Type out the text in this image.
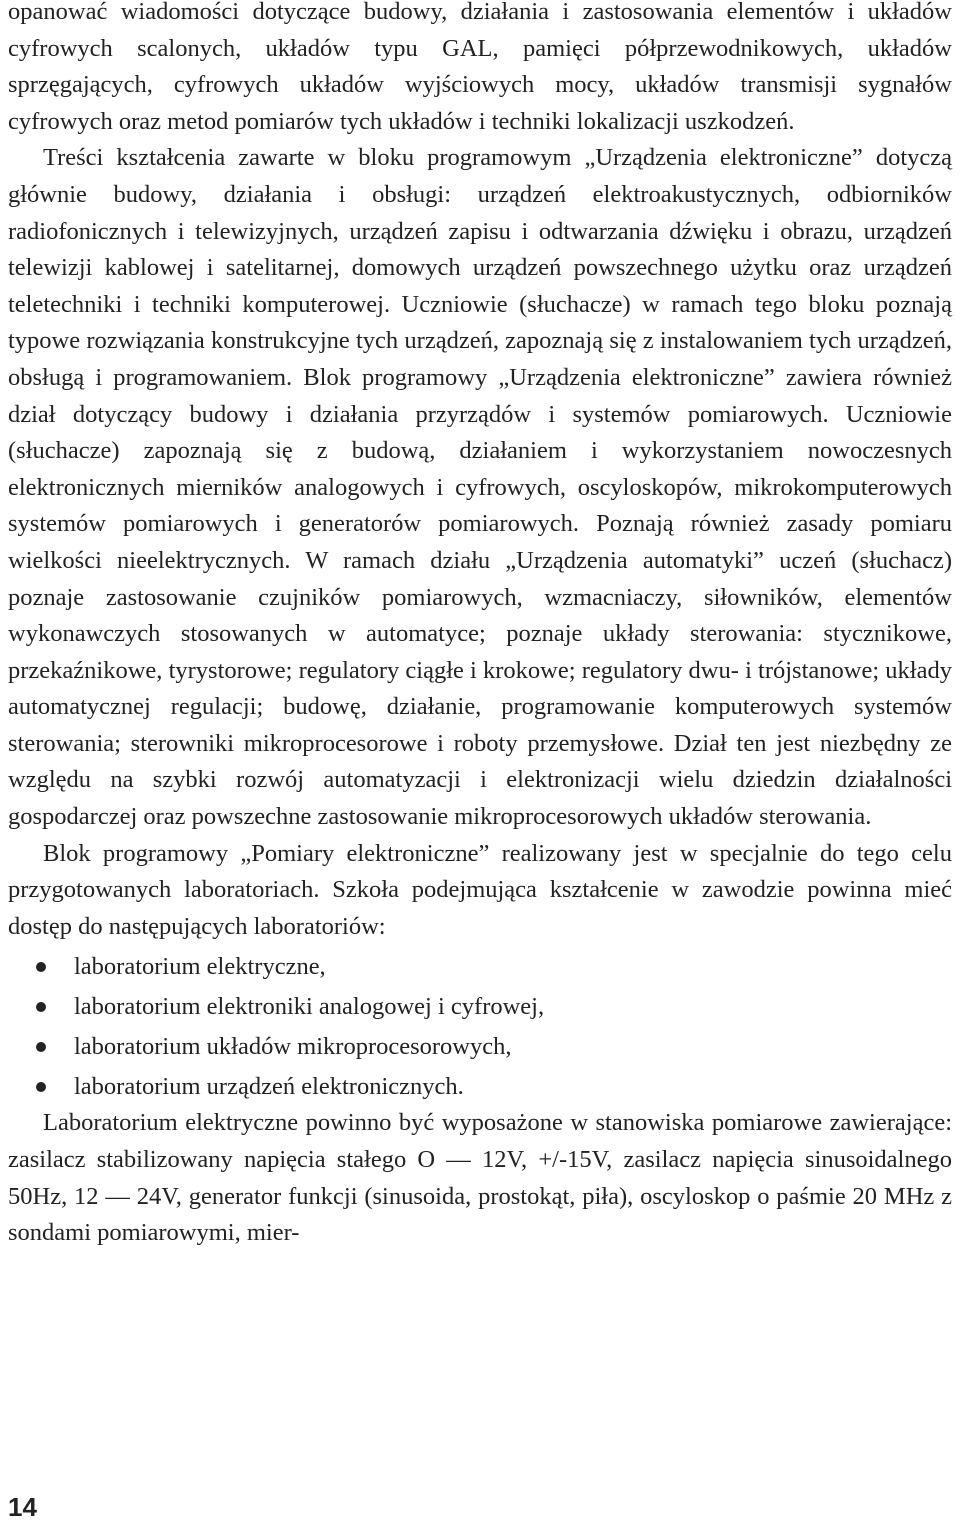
opanować wiadomości dotyczące budowy, działania i zastosowania elementów i układów cyfrowych scalonych, układów typu GAL, pamięci półprzewodnikowych, układów sprzęgających, cyfrowych układów wyjściowych mocy, układów transmisji sygnałów cyfrowych oraz metod pomiarów tych układów i techniki lokalizacji uszkodzeń.

Treści kształcenia zawarte w bloku programowym „Urządzenia elektroniczne” dotyczą głównie budowy, działania i obsługi: urządzeń elektroakustycznych, odbiorników radiofonicznych i telewizyjnych, urządzeń zapisu i odtwarzania dźwięku i obrazu, urządzeń telewizji kablowej i satelitarnej, domowych urządzeń powszechnego użytku oraz urządzeń teletechniki i techniki komputerowej. Uczniowie (słuchacze) w ramach tego bloku poznają typowe rozwiązania konstrukcyjne tych urządzeń, zapoznają się z instalowaniem tych urządzeń, obsługą i programowaniem. Blok programowy „Urządzenia elektroniczne” zawiera również dział dotyczący budowy i działania przyrządów i systemów pomiarowych. Uczniowie (słuchacze) zapoznają się z budową, działaniem i wykorzystaniem nowoczesnych elektronicznych mierników analogowych i cyfrowych, oscyloskopów, mikrokomputerowych systemów pomiarowych i generatorów pomiarowych. Poznają również zasady pomiaru wielkości nieelektrycznych. W ramach działu „Urządzenia automatyki” uczeń (słuchacz) poznaje zastosowanie czujników pomiarowych, wzmacniaczy, siłowników, elementów wykonawczych stosowanych w automatyce; poznaje układy sterowania: stycznikowe, przekaźnikowe, tyrystorowe; regulatory ciągłe i krokowe; regulatory dwu- i trójstanowe; układy automatycznej regulacji; budowę, działanie, programowanie komputerowych systemów sterowania; sterowniki mikroprocesorowe i roboty przemysłowe. Dział ten jest niezbędny ze względu na szybki rozwój automatyzacji i elektronizacji wielu dziedzin działalności gospodarczej oraz powszechne zastosowanie mikroprocesorowych układów sterowania.

Blok programowy „Pomiary elektroniczne” realizowany jest w specjalnie do tego celu przygotowanych laboratoriach. Szkoła podejmująca kształcenie w zawodzie powinna mieć dostęp do następujących laboratoriów:

laboratorium elektryczne,
laboratorium elektroniki analogowej i cyfrowej,
laboratorium układów mikroprocesorowych,
laboratorium urządzeń elektronicznych.

Laboratorium elektryczne powinno być wyposażone w stanowiska pomiarowe zawierające: zasilacz stabilizowany napięcia stałego O — 12V, +/-15V, zasilacz napięcia sinusoidalnego 50Hz, 12 — 24V, generator funkcji (sinusoida, prostokąt, piła), oscyloskop o paśmie 20 MHz z sondami pomiarowymi, mier-

14
